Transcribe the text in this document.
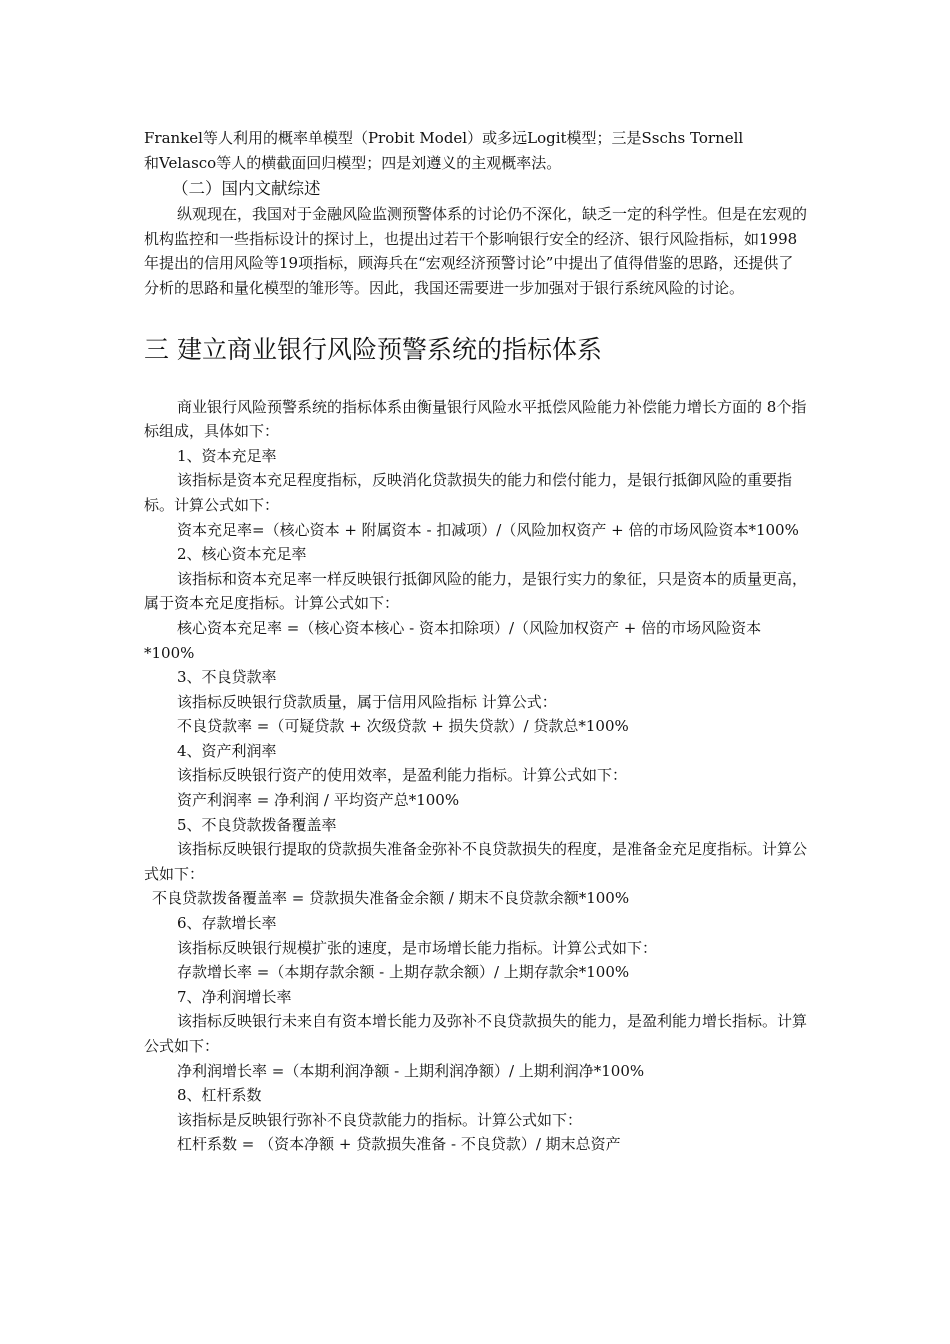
Frankel等人利用的概率单模型（Probit Model）或多远Logit模型；三是Sschs Tornell

和Velasco等人的横截面回归模型；四是刘遵义的主观概率法。

（二）国内文献综述

纵观现在，我国对于金融风险监测预警体系的讨论仍不深化，缺乏一定的科学性。但是在宏观的机构监控和一些指标设计的探讨上，也提出过若干个影响银行安全的经济、银行风险指标，如1998年提出的信用风险等19项指标，顾海兵在“宏观经济预警讨论”中提出了值得借鉴的思路，还提供了分析的思路和量化模型的雏形等。因此，我国还需要进一步加强对于银行系统风险的讨论。

三 建立商业银行风险预警系统的指标体系

商业银行风险预警系统的指标体系由衡量银行风险水平抵偿风险能力补偿能力增长方面的 8个指标组成，具体如下：

1、资本充足率

该指标是资本充足程度指标，反映消化贷款损失的能力和偿付能力，是银行抵御风险的重要指标。计算公式如下：

资本充足率=（核心资本 + 附属资本 - 扣减项）/（风险加权资产 + 倍的市场风险资本*100%

2、核心资本充足率

该指标和资本充足率一样反映银行抵御风险的能力，是银行实力的象征，只是资本的质量更高，属于资本充足度指标。计算公式如下：

核心资本充足率 =（核心资本核心 - 资本扣除项）/（风险加权资产 + 倍的市场风险资本*100%

3、不良贷款率

该指标反映银行贷款质量，属于信用风险指标 计算公式：

不良贷款率 =（可疑贷款 + 次级贷款 + 损失贷款）/ 贷款总*100%

4、资产利润率

该指标反映银行资产的使用效率，是盈利能力指标。计算公式如下：

资产利润率 = 净利润 / 平均资产总*100%

5、不良贷款拨备覆盖率

该指标反映银行提取的贷款损失准备金弥补不良贷款损失的程度，是准备金充足度指标。计算公式如下：

不良贷款拨备覆盖率 = 贷款损失准备金余额 / 期末不良贷款余额*100%

6、存款增长率

该指标反映银行规模扩张的速度，是市场增长能力指标。计算公式如下：

存款增长率 =（本期存款余额 - 上期存款余额）/ 上期存款余*100%

7、净利润增长率

该指标反映银行未来自有资本增长能力及弥补不良贷款损失的能力，是盈利能力增长指标。计算公式如下：

净利润增长率 =（本期利润净额 - 上期利润净额）/ 上期利润净*100%

8、杠杆系数

该指标是反映银行弥补不良贷款能力的指标。计算公式如下：

杠杆系数 = （资本净额 + 贷款损失准备 - 不良贷款）/ 期末总资产
